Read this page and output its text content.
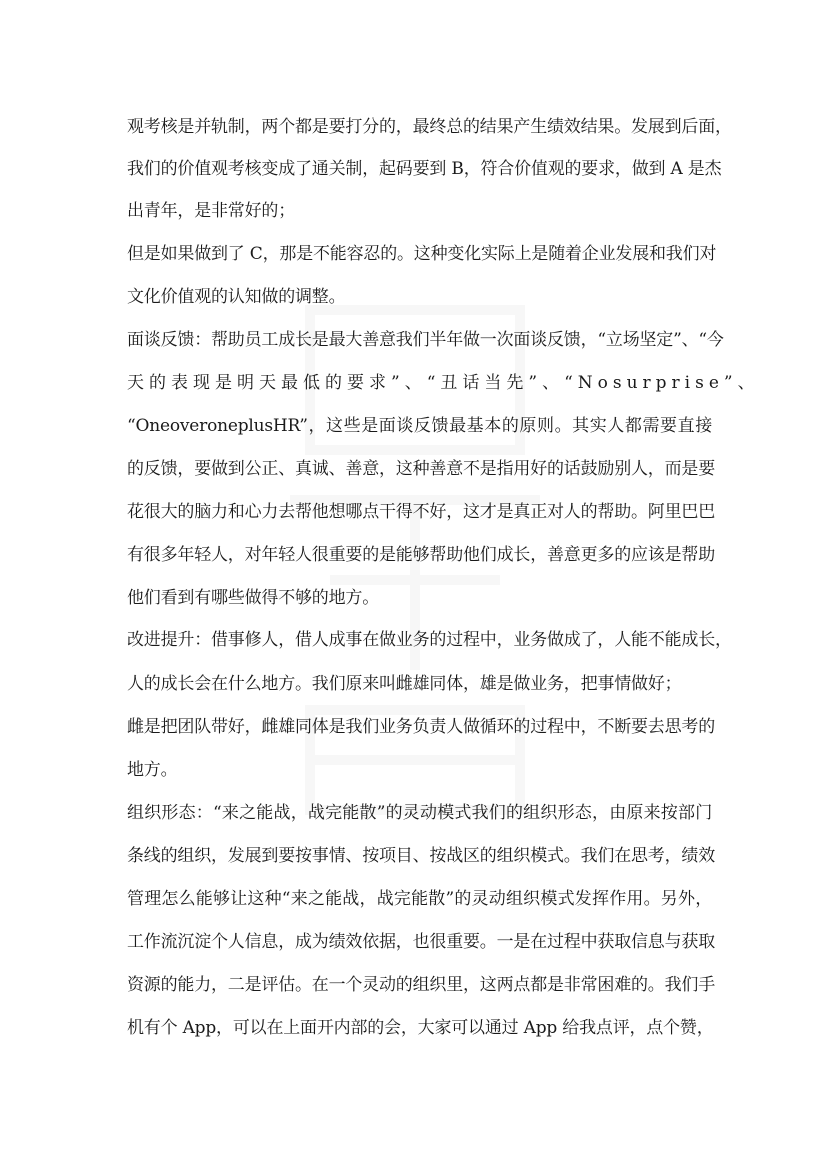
观考核是并轨制，两个都是要打分的，最终总的结果产生绩效结果。发展到后面，
我们的价值观考核变成了通关制，起码要到 B，符合价值观的要求，做到 A 是杰
出青年，是非常好的；
但是如果做到了 C，那是不能容忍的。这种变化实际上是随着企业发展和我们对
文化价值观的认知做的调整。
面谈反馈：帮助员工成长是最大善意我们半年做一次面谈反馈，“立场坚定”、“今
天的表现是明天最低的要求”、“丑话当先”、“Nosurprise”、
“OneoveroneplusHR”，这些是面谈反馈最基本的原则。其实人都需要直接
的反馈，要做到公正、真诚、善意，这种善意不是指用好的话鼓励别人，而是要
花很大的脑力和心力去帮他想哪点干得不好，这才是真正对人的帮助。阿里巴巴
有很多年轻人，对年轻人很重要的是能够帮助他们成长，善意更多的应该是帮助
他们看到有哪些做得不够的地方。
改进提升：借事修人，借人成事在做业务的过程中，业务做成了，人能不能成长，
人的成长会在什么地方。我们原来叫雌雄同体，雄是做业务，把事情做好；
雌是把团队带好，雌雄同体是我们业务负责人做循环的过程中，不断要去思考的
地方。
组织形态：“来之能战，战完能散”的灵动模式我们的组织形态，由原来按部门
条线的组织，发展到要按事情、按项目、按战区的组织模式。我们在思考，绩效
管理怎么能够让这种“来之能战，战完能散”的灵动组织模式发挥作用。另外，
工作流沉淀个人信息，成为绩效依据，也很重要。一是在过程中获取信息与获取
资源的能力，二是评估。在一个灵动的组织里，这两点都是非常困难的。我们手
机有个 App，可以在上面开内部的会，大家可以通过 App 给我点评，点个赞，
